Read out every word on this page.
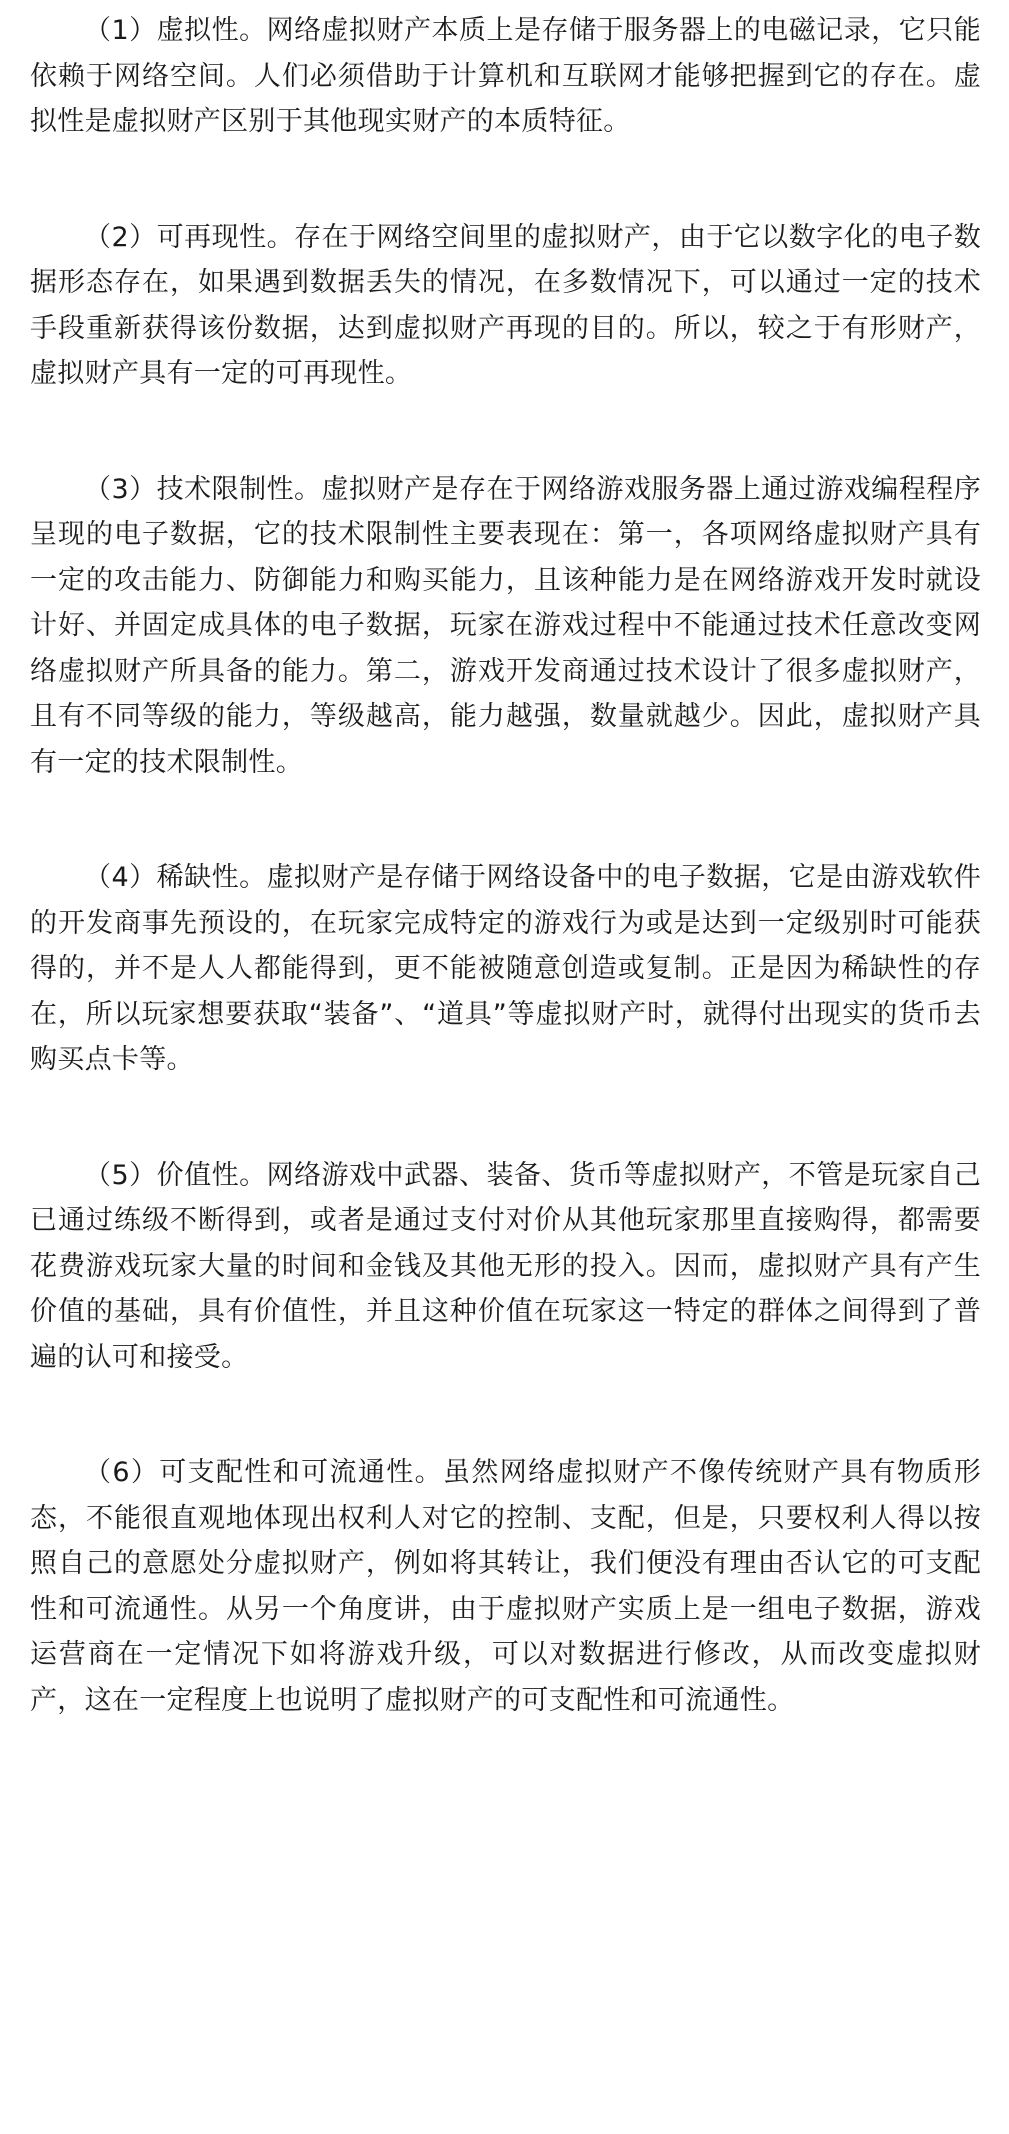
（1）虚拟性。网络虚拟财产本质上是存储于服务器上的电磁记录，它只能依赖于网络空间。人们必须借助于计算机和互联网才能够把握到它的存在。虚拟性是虚拟财产区别于其他现实财产的本质特征。

（2）可再现性。存在于网络空间里的虚拟财产，由于它以数字化的电子数据形态存在，如果遇到数据丢失的情况，在多数情况下，可以通过一定的技术手段重新获得该份数据，达到虚拟财产再现的目的。所以，较之于有形财产，虚拟财产具有一定的可再现性。

（3）技术限制性。虚拟财产是存在于网络游戏服务器上通过游戏编程程序呈现的电子数据，它的技术限制性主要表现在：第一，各项网络虚拟财产具有一定的攻击能力、防御能力和购买能力，且该种能力是在网络游戏开发时就设计好、并固定成具体的电子数据，玩家在游戏过程中不能通过技术任意改变网络虚拟财产所具备的能力。第二，游戏开发商通过技术设计了很多虚拟财产，且有不同等级的能力，等级越高，能力越强，数量就越少。因此，虚拟财产具有一定的技术限制性。

（4）稀缺性。虚拟财产是存储于网络设备中的电子数据，它是由游戏软件的开发商事先预设的，在玩家完成特定的游戏行为或是达到一定级别时可能获得的，并不是人人都能得到，更不能被随意创造或复制。正是因为稀缺性的存在，所以玩家想要获取“装备”、“道具”等虚拟财产时，就得付出现实的货币去购买点卡等。

（5）价值性。网络游戏中武器、装备、货币等虚拟财产，不管是玩家自己已通过练级不断得到，或者是通过支付对价从其他玩家那里直接购得，都需要花费游戏玩家大量的时间和金钱及其他无形的投入。因而，虚拟财产具有产生价值的基础，具有价值性，并且这种价值在玩家这一特定的群体之间得到了普遍的认可和接受。

（6）可支配性和可流通性。虽然网络虚拟财产不像传统财产具有物质形态，不能很直观地体现出权利人对它的控制、支配，但是，只要权利人得以按照自己的意愿处分虚拟财产，例如将其转让，我们便没有理由否认它的可支配性和可流通性。从另一个角度讲，由于虚拟财产实质上是一组电子数据，游戏运营商在一定情况下如将游戏升级，可以对数据进行修改，从而改变虚拟财产，这在一定程度上也说明了虚拟财产的可支配性和可流通性。
